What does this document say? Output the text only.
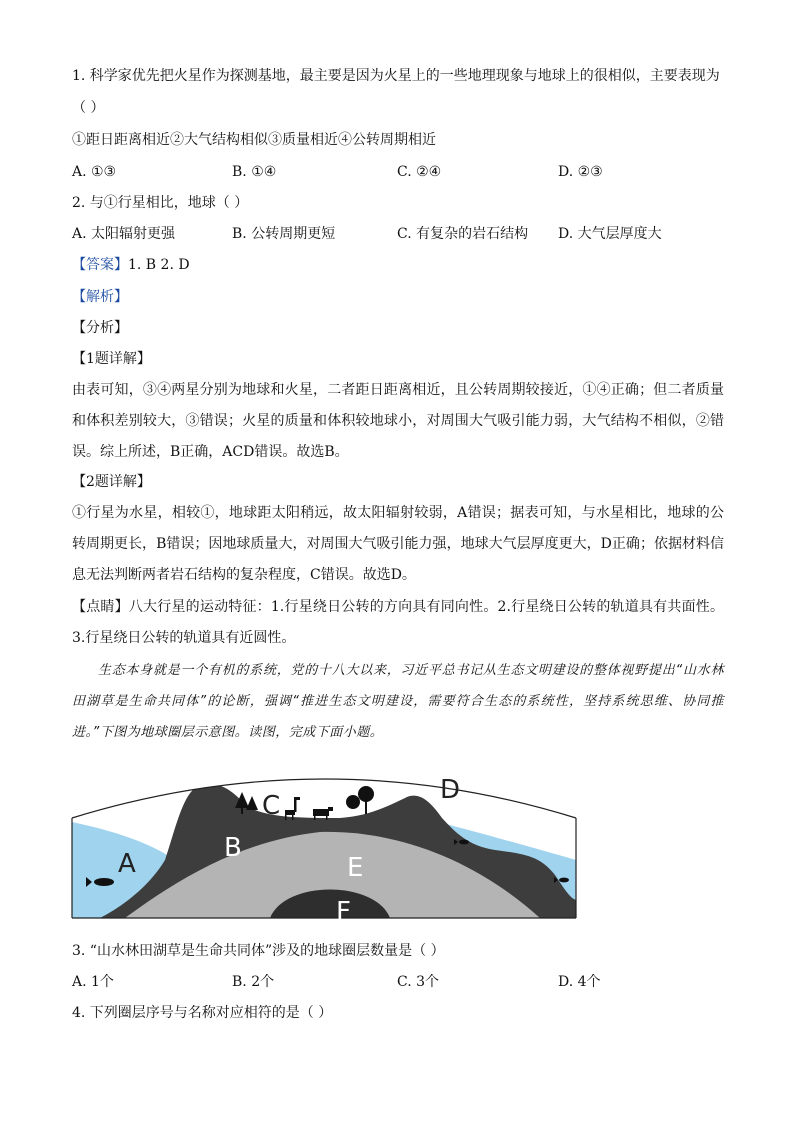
1. 科学家优先把火星作为探测基地，最主要是因为火星上的一些地理现象与地球上的很相似，主要表现为
（ ）
①距日距离相近②大气结构相似③质量相近④公转周期相近
A. ①③	B. ①④	C. ②④	D. ②③
2. 与①行星相比，地球（ ）
A. 太阳辐射更强	B. 公转周期更短	C. 有复杂的岩石结构 D. 大气层厚度大
【答案】1. B 2. D
【解析】
【分析】
【1题详解】
由表可知，③④两星分别为地球和火星，二者距日距离相近，且公转周期较接近，①④正确；但二者质量和体积差别较大，③错误；火星的质量和体积较地球小，对周围大气吸引能力弱，大气结构不相似，②错误。综上所述，B正确，ACD错误。故选B。
【2题详解】
①行星为水星，相较①，地球距太阳稍远，故太阳辐射较弱，A错误；据表可知，与水星相比，地球的公转周期更长，B错误；因地球质量大，对周围大气吸引能力强，地球大气层厚度更大，D正确；依据材料信息无法判断两者岩石结构的复杂程度，C错误。故选D。
【点睛】八大行星的运动特征：1.行星绕日公转的方向具有同向性。2.行星绕日公转的轨道具有共面性。3.行星绕日公转的轨道具有近圆性。
生态本身就是一个有机的系统，党的十八大以来，习近平总书记从生态文明建设的整体视野提出“山水林田湖草是生命共同体”的论断，强调“推进生态文明建设，需要符合生态的系统性，坚持系统思维、协同推进。”下图为地球圈层示意图。读图，完成下面小题。
A
B
C
D
E
F
3. “山水林田湖草是生命共同体”涉及的地球圈层数量是（ ）
A. 1个	B. 2个	C. 3个	D. 4个
4. 下列圈层序号与名称对应相符的是（ ）
